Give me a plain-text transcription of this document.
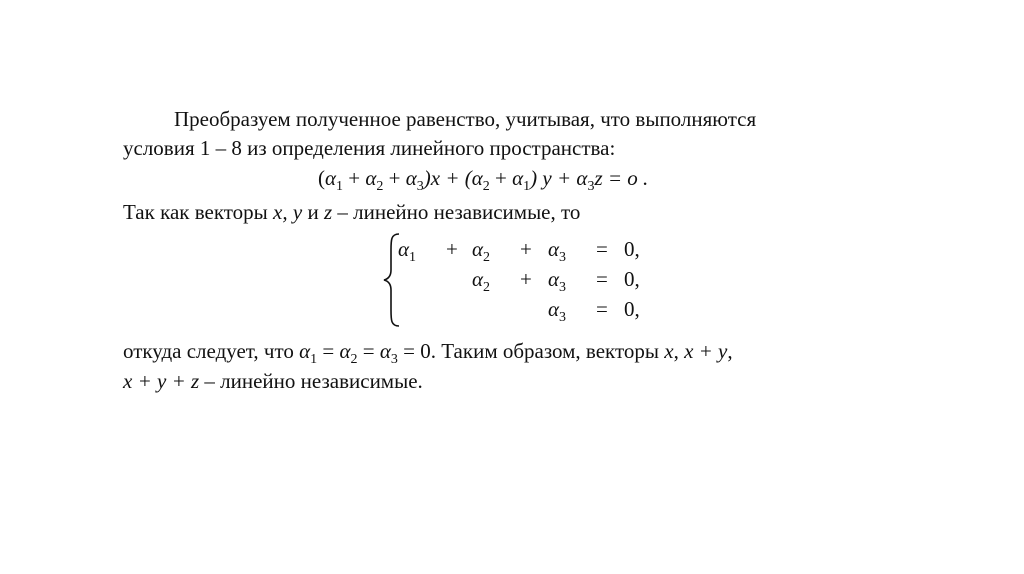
Преобразуем полученное равенство, учитывая, что выполняются
условия 1 – 8 из определения линейного пространства:
$(\alpha_1 + \alpha_2 + \alpha_3)x + (\alpha_2 + \alpha_1) y + \alpha_3z = o$ .
Так как векторы x, y и z – линейно независимые, то
$\alpha_1 + \alpha_2 + \alpha_3 = 0$,
$\alpha_2 + \alpha_3 = 0$,
$\alpha_3 = 0$,
откуда следует, что $\alpha_1 = \alpha_2 = \alpha_3 = 0$. Таким образом, векторы x, x + y,
x + y + z – линейно независимые.
